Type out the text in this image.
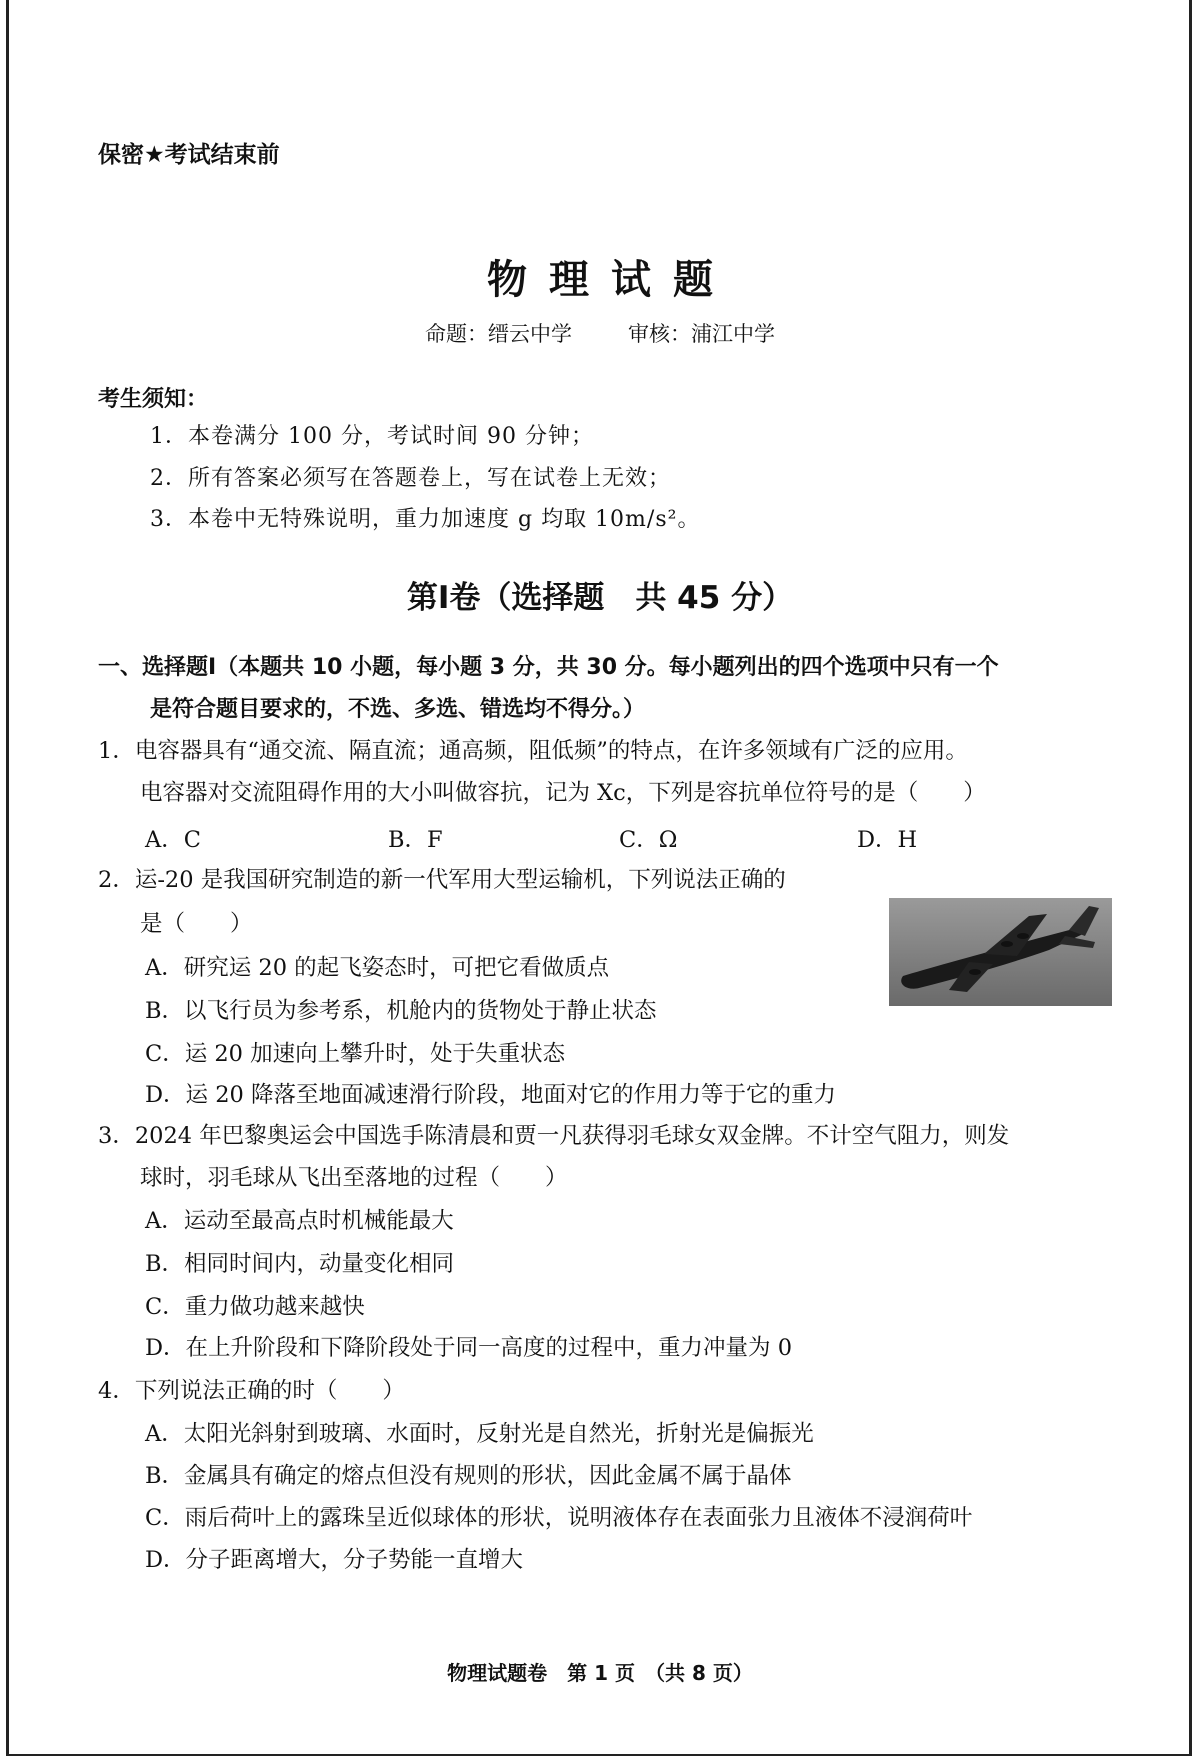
保密★考试结束前
物理试题
命题：缙云中学	审核：浦江中学
考生须知：
1．本卷满分 100 分，考试时间 90 分钟；
2．所有答案必须写在答题卷上，写在试卷上无效；
3．本卷中无特殊说明，重力加速度 g 均取 10m/s²。
第Ⅰ卷（选择题　共 45 分）
一、选择题Ⅰ（本题共 10 小题，每小题 3 分，共 30 分。每小题列出的四个选项中只有一个
是符合题目要求的，不选、多选、错选均不得分。）
1．电容器具有“通交流、隔直流；通高频，阻低频”的特点，在许多领域有广泛的应用。
电容器对交流阻碍作用的大小叫做容抗，记为 Xc，下列是容抗单位符号的是（　　）
A．C	B．F	C．Ω	D．H
2．运-20 是我国研究制造的新一代军用大型运输机，下列说法正确的
是（　　）
A．研究运 20 的起飞姿态时，可把它看做质点
B．以飞行员为参考系，机舱内的货物处于静止状态
C．运 20 加速向上攀升时，处于失重状态
D．运 20 降落至地面减速滑行阶段，地面对它的作用力等于它的重力
3．2024 年巴黎奥运会中国选手陈清晨和贾一凡获得羽毛球女双金牌。不计空气阻力，则发
球时，羽毛球从飞出至落地的过程（　　）
A．运动至最高点时机械能最大
B．相同时间内，动量变化相同
C．重力做功越来越快
D．在上升阶段和下降阶段处于同一高度的过程中，重力冲量为 0
4．下列说法正确的时（　　）
A．太阳光斜射到玻璃、水面时，反射光是自然光，折射光是偏振光
B．金属具有确定的熔点但没有规则的形状，因此金属不属于晶体
C．雨后荷叶上的露珠呈近似球体的形状，说明液体存在表面张力且液体不浸润荷叶
D．分子距离增大，分子势能一直增大
物理试题卷　第 1 页　（共 8 页）
